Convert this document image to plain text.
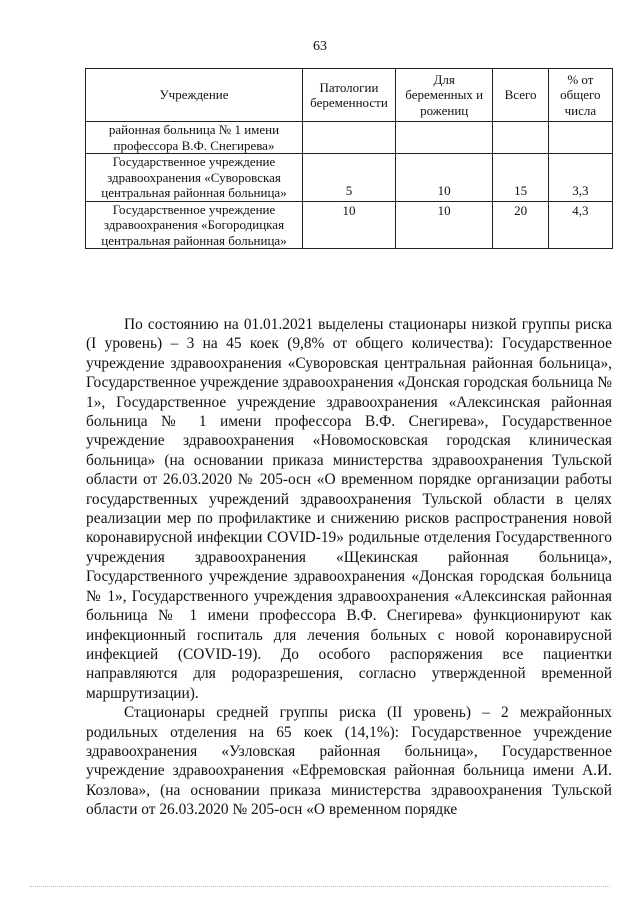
63
Учреждение	Патологии беременности	Для беременных и рожениц	Всего	% от общего числа
районная больница № 1 имени профессора В.Ф. Снегирева»				
Государственное учреждение здравоохранения «Суворовская центральная районная больница»	5	10	15	3,3
Государственное учреждение здравоохранения «Богородицкая центральная районная больница»	10	10	20	4,3

По состоянию на 01.01.2021 выделены стационары низкой группы риска (I уровень) – 3 на 45 коек (9,8% от общего количества): Государственное учреждение здравоохранения «Суворовская центральная районная больница», Государственное учреждение здравоохранения «Донская городская больница № 1», Государственное учреждение здравоохранения «Алексинская районная больница № 1 имени профессора В.Ф. Снегирева», Государственное учреждение здравоохранения «Новомосковская городская клиническая больница» (на основании приказа министерства здравоохранения Тульской области от 26.03.2020 № 205-осн «О временном порядке организации работы государственных учреждений здравоохранения Тульской области в целях реализации мер по профилактике и снижению рисков распространения новой коронавирусной инфекции COVID-19» родильные отделения Государственного учреждения здравоохранения «Щекинская районная больница», Государственного учреждение здравоохранения «Донская городская больница № 1», Государственного учреждения здравоохранения «Алексинская районная больница № 1 имени профессора В.Ф. Снегирева» функционируют как инфекционный госпиталь для лечения больных с новой коронавирусной инфекцией (COVID-19). До особого распоряжения все пациентки направляются для родоразрешения, согласно утвержденной временной маршрутизации).

Стационары средней группы риска (II уровень) – 2 межрайонных родильных отделения на 65 коек (14,1%): Государственное учреждение здравоохранения «Узловская районная больница», Государственное учреждение здравоохранения «Ефремовская районная больница имени А.И. Козлова», (на основании приказа министерства здравоохранения Тульской области от 26.03.2020 № 205-осн «О временном порядке
